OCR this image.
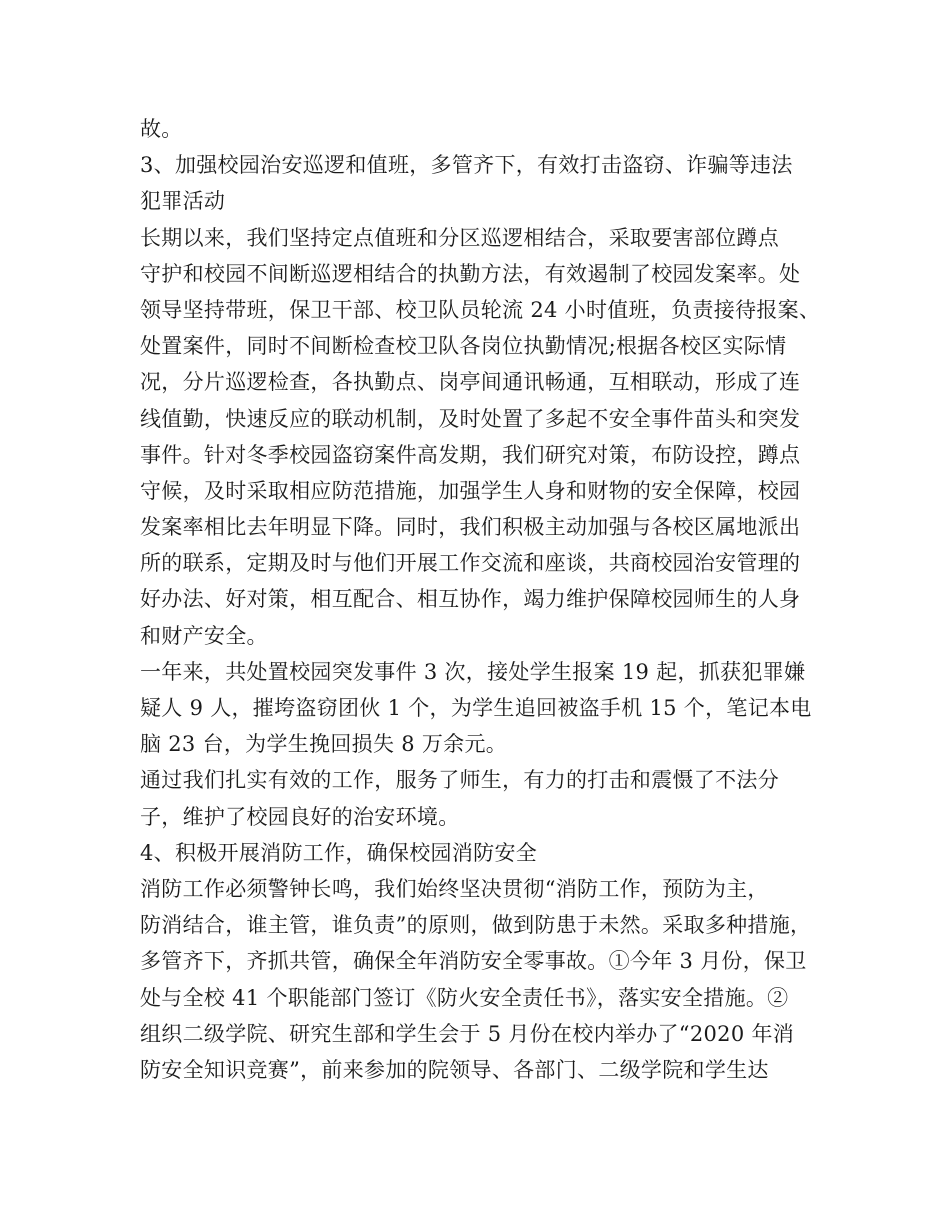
故。
3、加强校园治安巡逻和值班，多管齐下，有效打击盗窃、诈骗等违法
犯罪活动
长期以来，我们坚持定点值班和分区巡逻相结合，采取要害部位蹲点
守护和校园不间断巡逻相结合的执勤方法，有效遏制了校园发案率。处
领导坚持带班，保卫干部、校卫队员轮流 24 小时值班，负责接待报案、
处置案件，同时不间断检查校卫队各岗位执勤情况;根据各校区实际情
况，分片巡逻检查，各执勤点、岗亭间通讯畅通，互相联动，形成了连
线值勤，快速反应的联动机制，及时处置了多起不安全事件苗头和突发
事件。针对冬季校园盗窃案件高发期，我们研究对策，布防设控，蹲点
守候，及时采取相应防范措施，加强学生人身和财物的安全保障，校园
发案率相比去年明显下降。同时，我们积极主动加强与各校区属地派出
所的联系，定期及时与他们开展工作交流和座谈，共商校园治安管理的
好办法、好对策，相互配合、相互协作，竭力维护保障校园师生的人身
和财产安全。
一年来，共处置校园突发事件 3 次，接处学生报案 19 起，抓获犯罪嫌
疑人 9 人，摧垮盗窃团伙 1 个，为学生追回被盗手机 15 个，笔记本电
脑 23 台，为学生挽回损失 8 万余元。
通过我们扎实有效的工作，服务了师生，有力的打击和震慑了不法分
子，维护了校园良好的治安环境。
4、积极开展消防工作，确保校园消防安全
消防工作必须警钟长鸣，我们始终坚决贯彻“消防工作，预防为主，
防消结合，谁主管，谁负责”的原则，做到防患于未然。采取多种措施，
多管齐下，齐抓共管，确保全年消防安全零事故。①今年 3 月份，保卫
处与全校 41 个职能部门签订《防火安全责任书》，落实安全措施。②
组织二级学院、研究生部和学生会于 5 月份在校内举办了“2020 年消
防安全知识竞赛”，前来参加的院领导、各部门、二级学院和学生达
